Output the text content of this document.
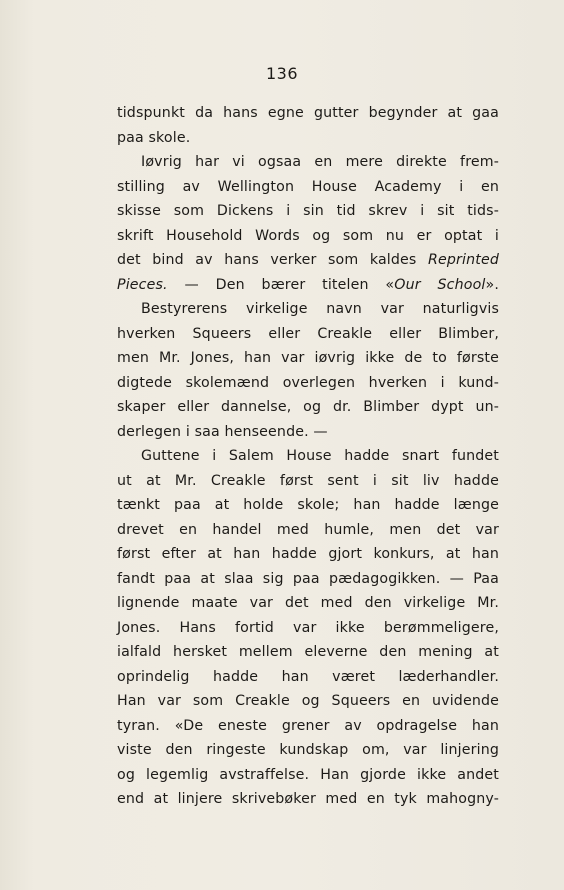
136
tidspunkt da hans egne gutter begynder at gaa
paa skole.
Iøvrig har vi ogsaa en mere direkte frem-
stilling av Wellington House Academy i en
skisse som Dickens i sin tid skrev i sit tids-
skrift Household Words og som nu er optat i
det bind av hans verker som kaldes Reprinted
Pieces. — Den bærer titelen «Our School».
Bestyrerens virkelige navn var naturligvis
hverken Squeers eller Creakle eller Blimber,
men Mr. Jones, han var iøvrig ikke de to første
digtede skolemænd overlegen hverken i kund-
skaper eller dannelse, og dr. Blimber dypt un-
derlegen i saa henseende. —
Guttene i Salem House hadde snart fundet
ut at Mr. Creakle først sent i sit liv hadde
tænkt paa at holde skole; han hadde længe
drevet en handel med humle, men det var
først efter at han hadde gjort konkurs, at han
fandt paa at slaa sig paa pædagogikken. — Paa
lignende maate var det med den virkelige Mr.
Jones. Hans fortid var ikke berømmeligere,
ialfald hersket mellem eleverne den mening at
oprindelig hadde han været læderhandler.
Han var som Creakle og Squeers en uvidende
tyran. «De eneste grener av opdragelse han
viste den ringeste kundskap om, var linjering
og legemlig avstraffelse. Han gjorde ikke andet
end at linjere skrivebøker med en tyk mahogny-
